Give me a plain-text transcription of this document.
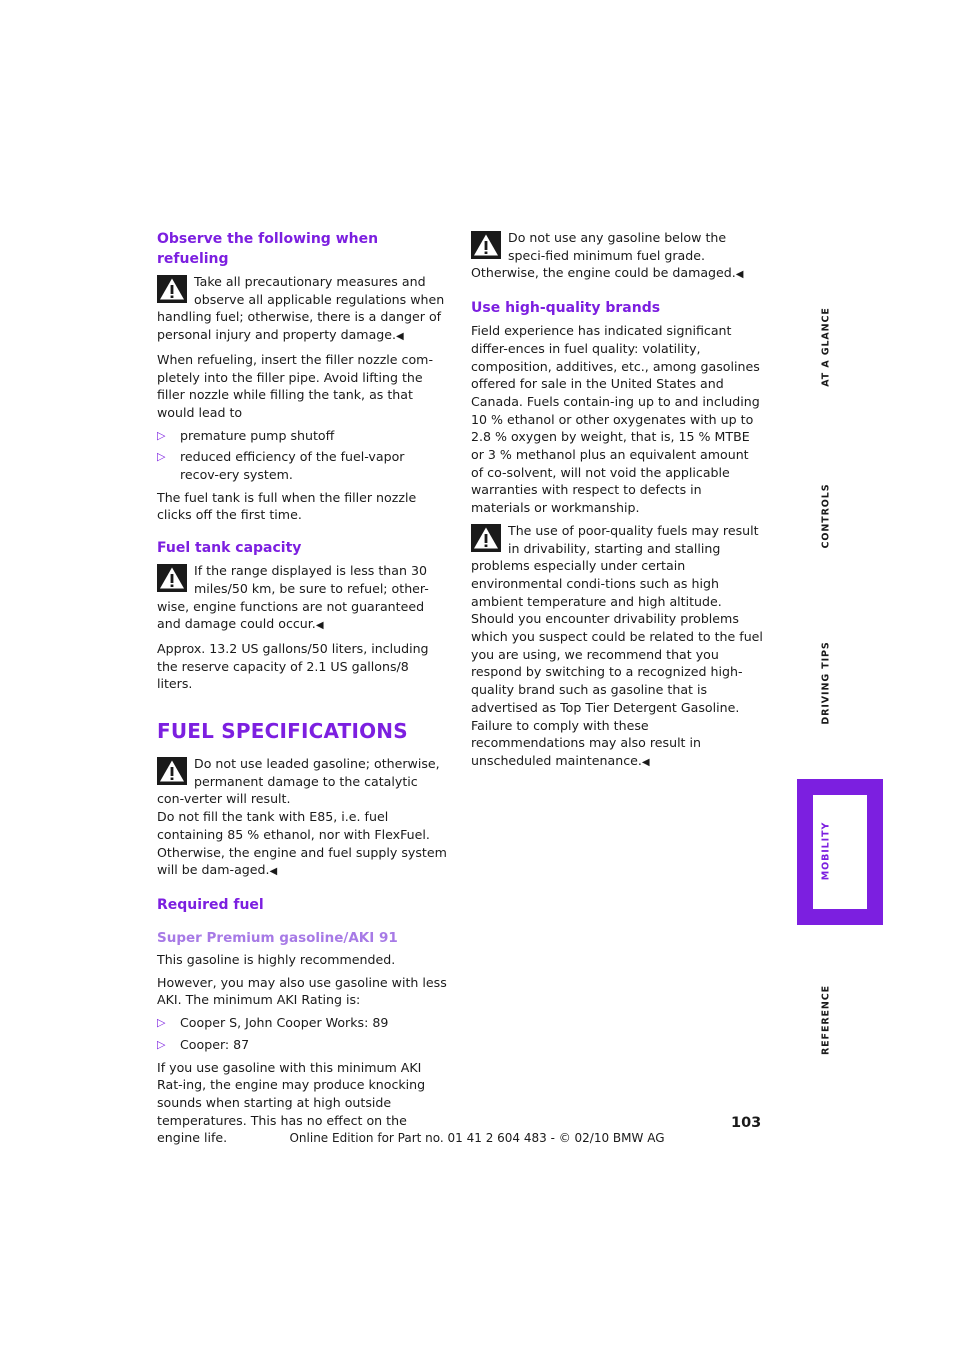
Observe the following when refueling

Take all precautionary measures and observe all applicable regulations when handling fuel; otherwise, there is a danger of personal injury and property damage.◀

When refueling, insert the filler nozzle com-pletely into the filler pipe. Avoid lifting the filler nozzle while filling the tank, as that would lead to

▷ premature pump shutoff
▷ reduced efficiency of the fuel-vapor recov-ery system.

The fuel tank is full when the filler nozzle clicks off the first time.

Fuel tank capacity

If the range displayed is less than 30 miles/50 km, be sure to refuel; other-wise, engine functions are not guaranteed and damage could occur.◀

Approx. 13.2 US gallons/50 liters, including the reserve capacity of 2.1 US gallons/8 liters.

FUEL SPECIFICATIONS

Do not use leaded gasoline; otherwise, permanent damage to the catalytic con-verter will result.

Do not fill the tank with E85, i.e. fuel containing 85 % ethanol, nor with FlexFuel. Otherwise, the engine and fuel supply system will be dam-aged.◀

Required fuel
Super Premium gasoline/AKI 91

This gasoline is highly recommended.

However, you may also use gasoline with less AKI. The minimum AKI Rating is:

▷ Cooper S, John Cooper Works: 89
▷ Cooper: 87

If you use gasoline with this minimum AKI Rat-ing, the engine may produce knocking sounds when starting at high outside temperatures. This has no effect on the engine life.

Do not use any gasoline below the speci-fied minimum fuel grade. Otherwise, the engine could be damaged.◀

Use high-quality brands

Field experience has indicated significant differ-ences in fuel quality: volatility, composition, additives, etc., among gasolines offered for sale in the United States and Canada. Fuels contain-ing up to and including 10 % ethanol or other oxygenates with up to 2.8 % oxygen by weight, that is, 15 % MTBE or 3 % methanol plus an equivalent amount of co-solvent, will not void the applicable warranties with respect to defects in materials or workmanship.

The use of poor-quality fuels may result in drivability, starting and stalling problems especially under certain environmental condi-tions such as high ambient temperature and high altitude.

Should you encounter drivability problems which you suspect could be related to the fuel you are using, we recommend that you respond by switching to a recognized high-quality brand such as gasoline that is advertised as Top Tier Detergent Gasoline.

Failure to comply with these recommendations may also result in unscheduled maintenance.◀

AT A GLANCE
CONTROLS
DRIVING TIPS
MOBILITY
REFERENCE
103
Online Edition for Part no. 01 41 2 604 483 - © 02/10 BMW AG
